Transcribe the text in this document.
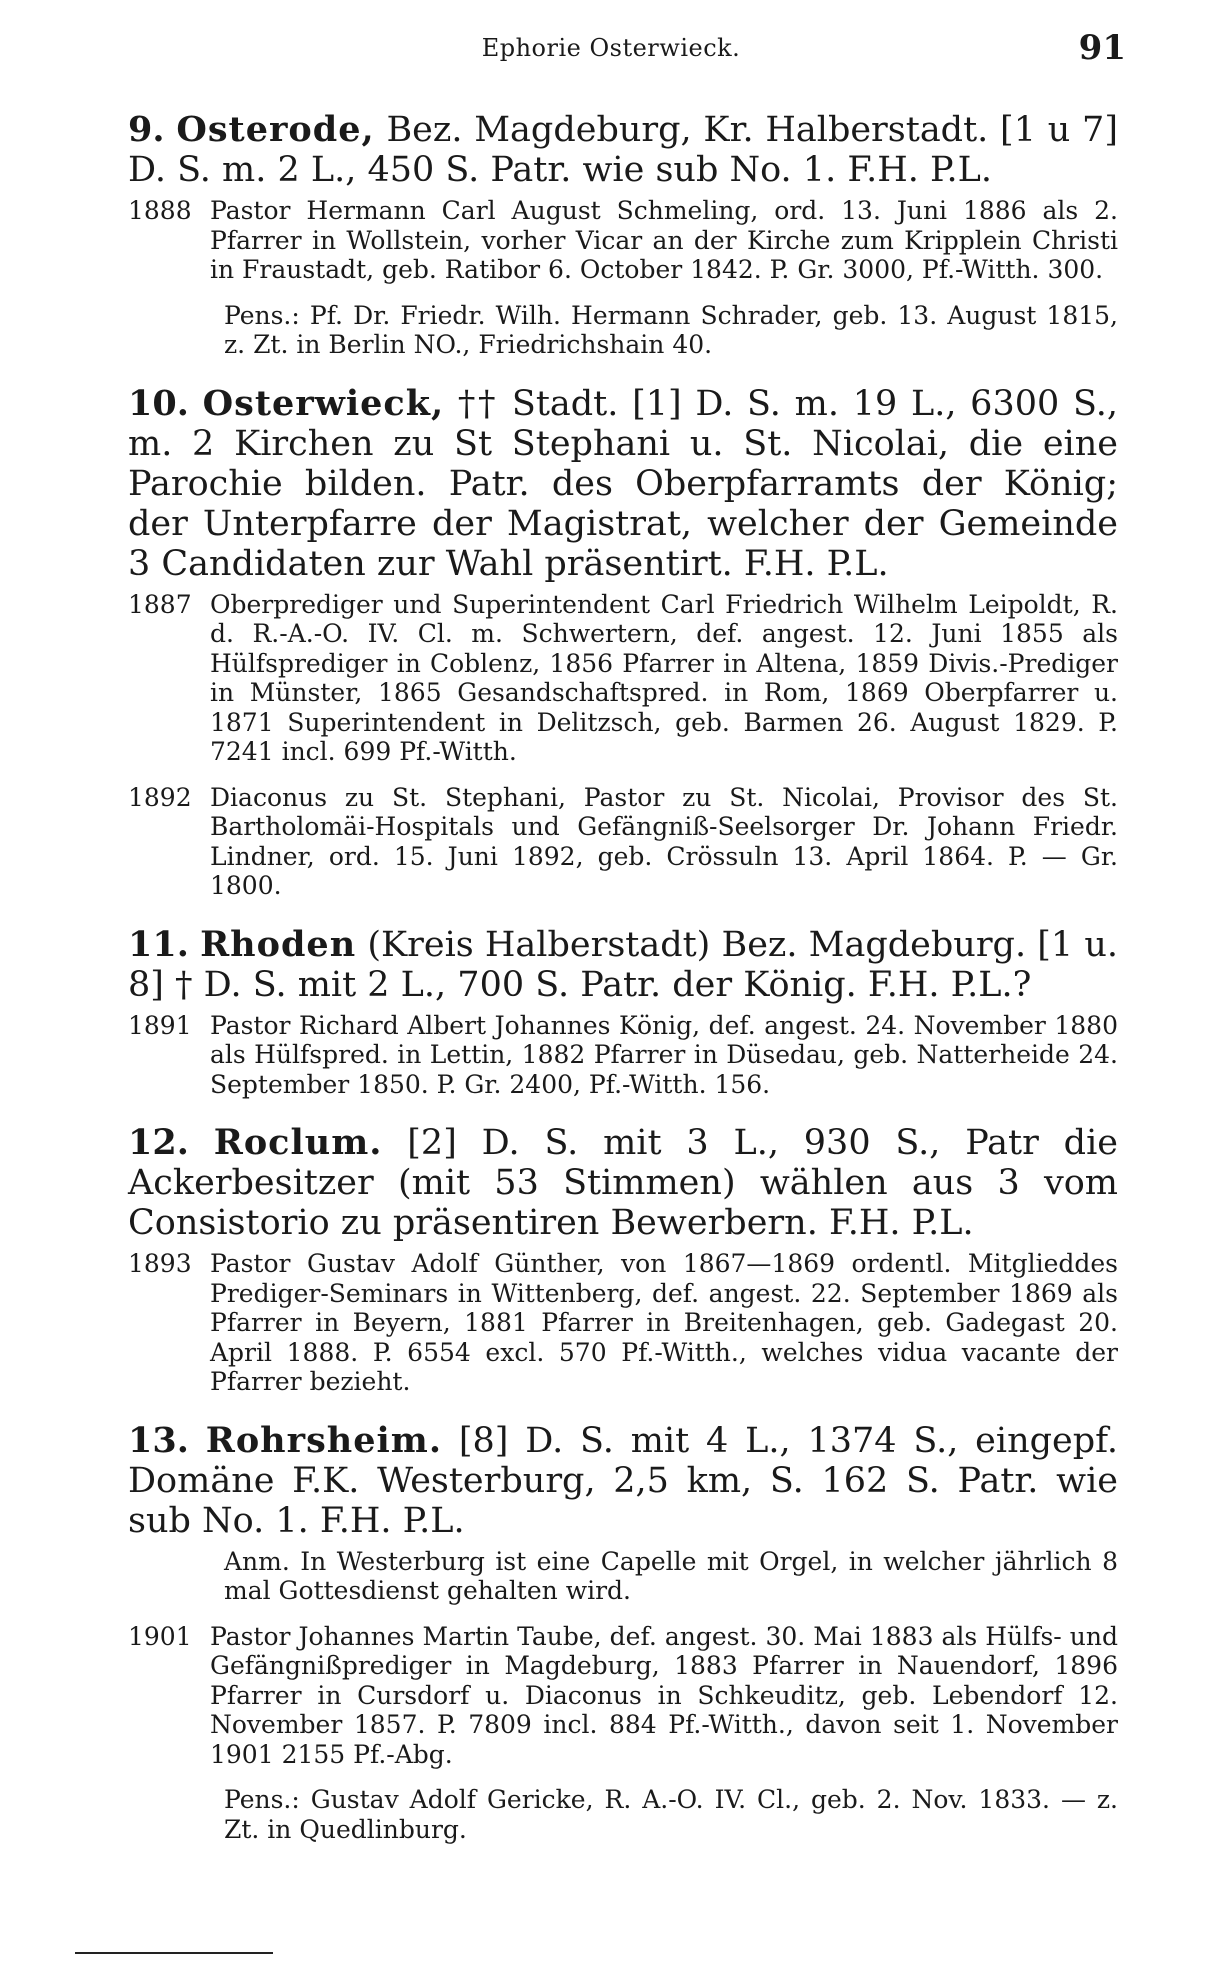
Ephorie Osterwieck.	91

9. Osterode, Bez. Magdeburg, Kr. Halberstadt. [1 u 7] D. S. m. 2 L., 450 S. Patr. wie sub No. 1. F.H. P.L.

1888 Pastor Hermann Carl August Schmeling, ord. 13. Juni 1886 als 2. Pfarrer in Wollstein, vorher Vicar an der Kirche zum Kripplein Christi in Fraustadt, geb. Ratibor 6. October 1842. P. Gr. 3000, Pf.-Witth. 300.
Pens.: Pf. Dr. Friedr. Wilh. Hermann Schrader, geb. 13. August 1815, z. Zt. in Berlin NO., Friedrichshain 40.

10. Osterwieck, †† Stadt. [1] D. S. m. 19 L., 6300 S., m. 2 Kirchen zu St Stephani u. St. Nicolai, die eine Parochie bilden. Patr. des Oberpfarramts der König; der Unterpfarre der Magistrat, welcher der Gemeinde 3 Candidaten zur Wahl präsentirt. F.H. P.L.

1887 Oberprediger und Superintendent Carl Friedrich Wilhelm Leipoldt, R. d. R.-A.-O. IV. Cl. m. Schwertern, def. angest. 12. Juni 1855 als Hülfsprediger in Coblenz, 1856 Pfarrer in Altena, 1859 Divis.-Prediger in Münster, 1865 Gesandschaftspred. in Rom, 1869 Oberpfarrer u. 1871 Superintendent in Delitzsch, geb. Barmen 26. August 1829. P. 7241 incl. 699 Pf.-Witth.
1892 Diaconus zu St. Stephani, Pastor zu St. Nicolai, Provisor des St. Bartholomäi-Hospitals und Gefängniß-Seelsorger Dr. Johann Friedr. Lindner, ord. 15. Juni 1892, geb. Crössuln 13. April 1864. P. — Gr. 1800.

11. Rhoden (Kreis Halberstadt) Bez. Magdeburg. [1 u. 8] † D. S. mit 2 L., 700 S. Patr. der König. F.H. P.L.?

1891 Pastor Richard Albert Johannes König, def. angest. 24. November 1880 als Hülfspred. in Lettin, 1882 Pfarrer in Düsedau, geb. Natterheide 24. September 1850. P. Gr. 2400, Pf.-Witth. 156.

12. Roclum. [2] D. S. mit 3 L., 930 S., Patr die Ackerbesitzer (mit 53 Stimmen) wählen aus 3 vom Consistorio zu präsentiren Bewerbern. F.H. P.L.

1893 Pastor Gustav Adolf Günther, von 1867—1869 ordentl. Mitglieddes Prediger-Seminars in Wittenberg, def. angest. 22. September 1869 als Pfarrer in Beyern, 1881 Pfarrer in Breitenhagen, geb. Gadegast 20. April 1888. P. 6554 excl. 570 Pf.-Witth., welches vidua vacante der Pfarrer bezieht.

13. Rohrsheim. [8] D. S. mit 4 L., 1374 S., eingepf. Domäne F.K. Westerburg, 2,5 km, S. 162 S. Patr. wie sub No. 1. F.H. P.L.

Anm. In Westerburg ist eine Capelle mit Orgel, in welcher jährlich 8 mal Gottesdienst gehalten wird.
1901 Pastor Johannes Martin Taube, def. angest. 30. Mai 1883 als Hülfs- und Gefängnißprediger in Magdeburg, 1883 Pfarrer in Nauendorf, 1896 Pfarrer in Cursdorf u. Diaconus in Schkeuditz, geb. Lebendorf 12. November 1857. P. 7809 incl. 884 Pf.-Witth., davon seit 1. November 1901 2155 Pf.-Abg.
Pens.: Gustav Adolf Gericke, R. A.-O. IV. Cl., geb. 2. Nov. 1833. — z. Zt. in Quedlinburg.
